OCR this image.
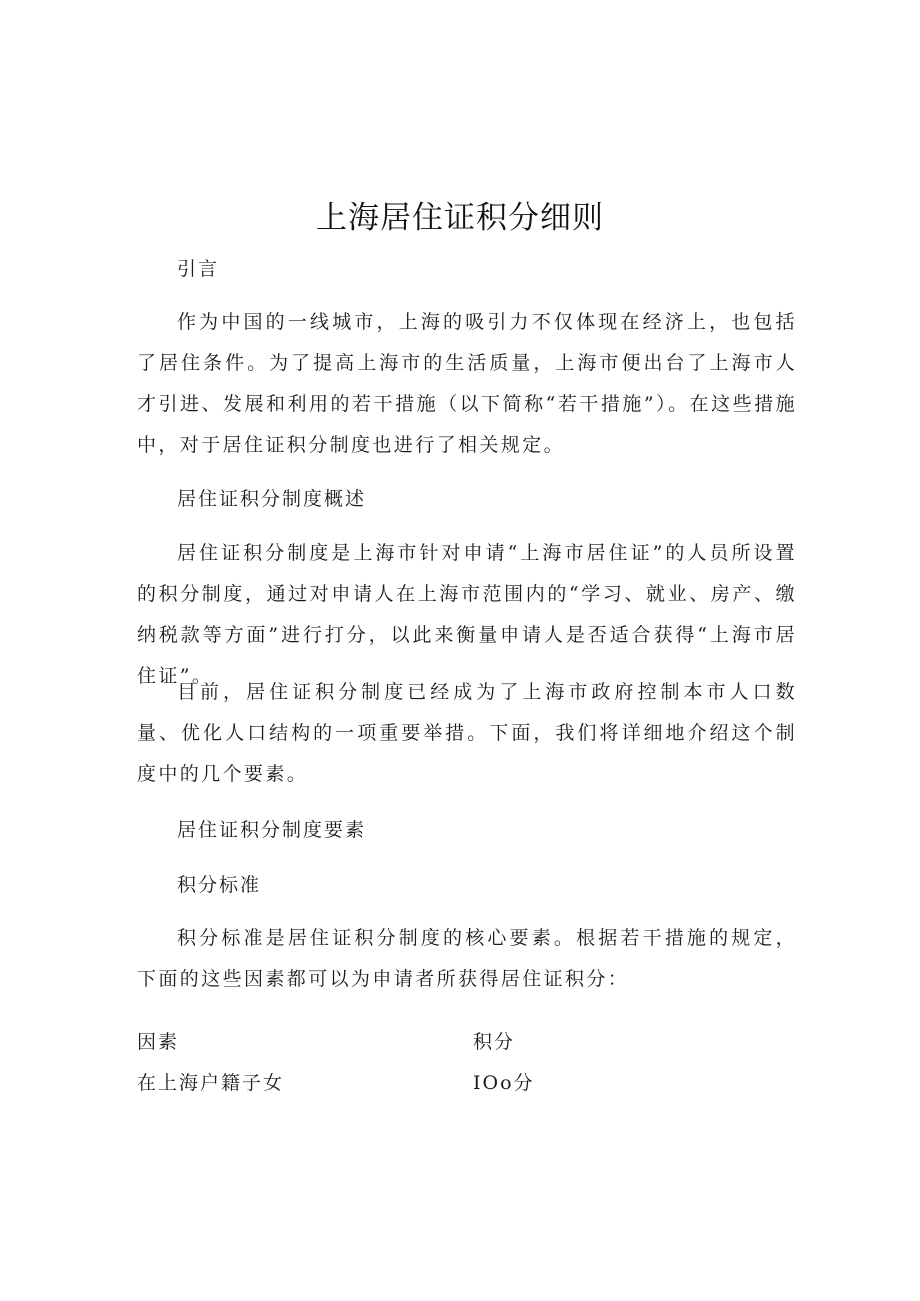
上海居住证积分细则

引言

作为中国的一线城市，上海的吸引力不仅体现在经济上，也包括了居住条件。为了提高上海市的生活质量，上海市便出台了上海市人才引进、发展和利用的若干措施（以下简称“若干措施”）。在这些措施中，对于居住证积分制度也进行了相关规定。

居住证积分制度概述

居住证积分制度是上海市针对申请“上海市居住证”的人员所设置的积分制度，通过对申请人在上海市范围内的“学习、就业、房产、缴纳税款等方面”进行打分，以此来衡量申请人是否适合获得“上海市居住证”。

目前，居住证积分制度已经成为了上海市政府控制本市人口数量、优化人口结构的一项重要举措。下面，我们将详细地介绍这个制度中的几个要素。

居住证积分制度要素

积分标准

积分标准是居住证积分制度的核心要素。根据若干措施的规定，下面的这些因素都可以为申请者所获得居住证积分：

因素	积分
在上海户籍子女	IOo分
